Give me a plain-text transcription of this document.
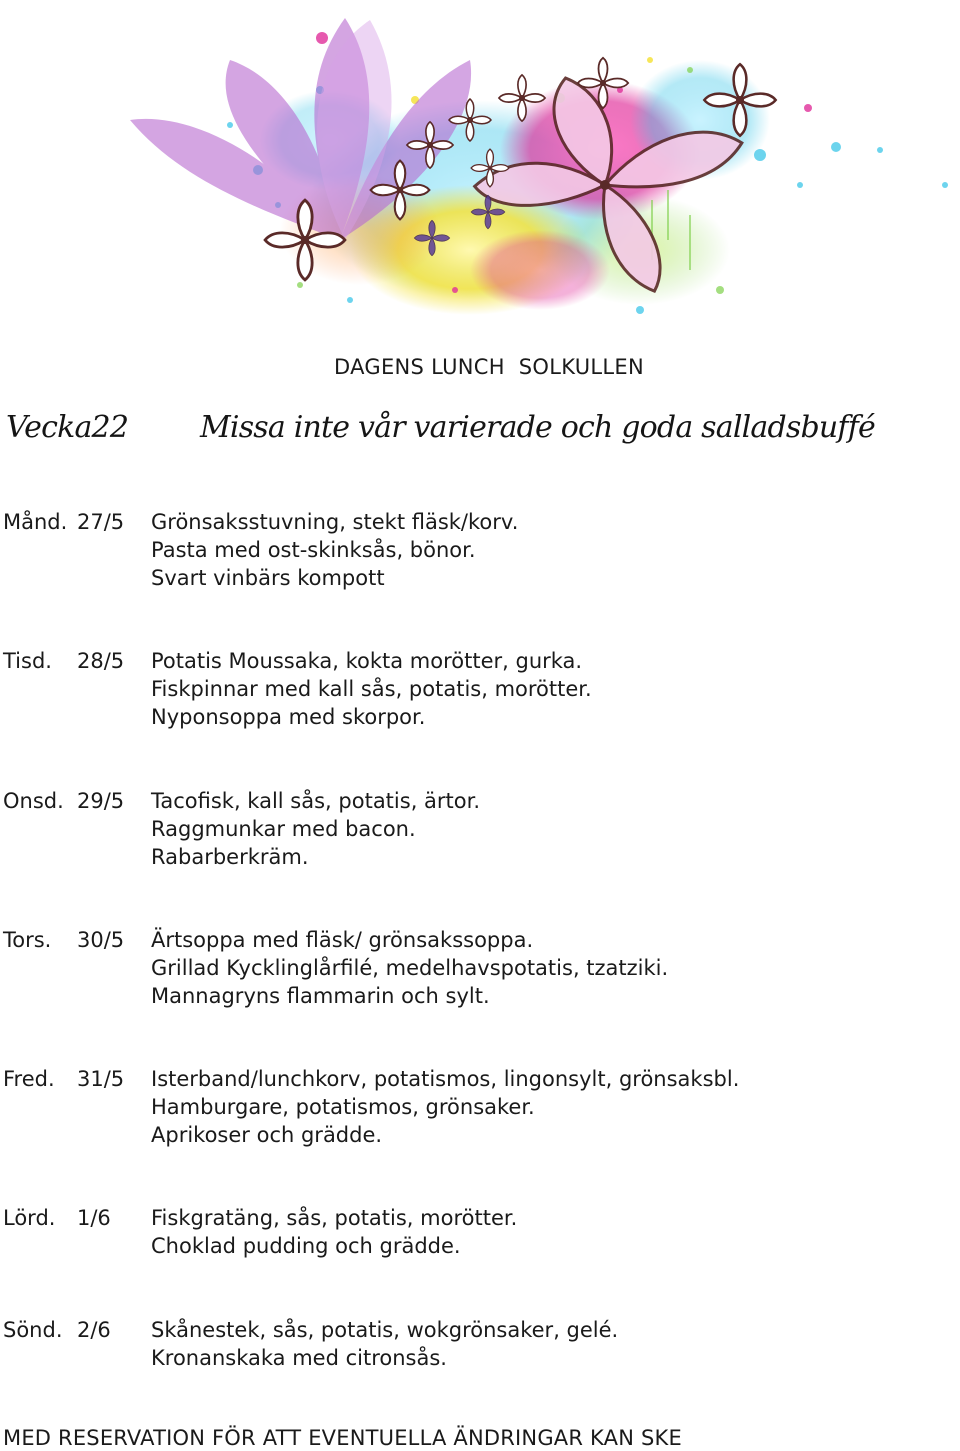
DAGENS LUNCH  SOLKULLEN
Vecka22 Missa inte vår varierade och goda salladsbuffé
Månd. 27/5 Grönsaksstuvning, stekt fläsk/korv.
Pasta med ost-skinksås, bönor.
Svart vinbärs kompott
Tisd. 28/5 Potatis Moussaka, kokta morötter, gurka.
Fiskpinnar med kall sås, potatis, morötter.
Nyponsoppa med skorpor.
Onsd. 29/5 Tacofisk, kall sås, potatis, ärtor.
Raggmunkar med bacon.
Rabarberkräm.
Tors. 30/5 Ärtsoppa med fläsk/ grönsakssoppa.
Grillad Kycklinglårfilé, medelhavspotatis, tzatziki.
Mannagryns flammarin och sylt.
Fred. 31/5 Isterband/lunchkorv, potatismos, lingonsylt, grönsaksbl.
Hamburgare, potatismos, grönsaker.
Aprikoser och grädde.
Lörd. 1/6 Fiskgratäng, sås, potatis, morötter.
Choklad pudding och grädde.
Sönd. 2/6 Skånestek, sås, potatis, wokgrönsaker, gelé.
Kronanskaka med citronsås.
MED RESERVATION FÖR ATT EVENTUELLA ÄNDRINGAR KAN SKE
